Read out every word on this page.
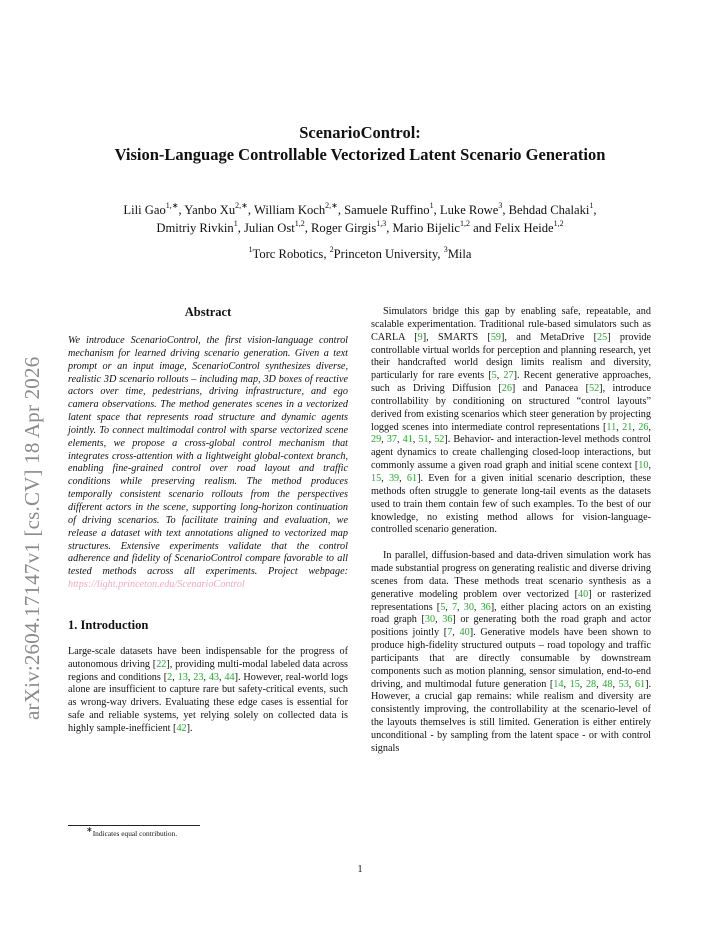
arXiv:2604.17147v1 [cs.CV] 18 Apr 2026
ScenarioControl:
Vision-Language Controllable Vectorized Latent Scenario Generation
Lili Gao$^{1,∗}$, Yanbo $Xu^{2,∗}$, William Koch$^{2,∗}$, Samuele Ruffino$^1$, Luke Rowe$^3$, Behdad Chalaki$^1$,
Dmitriy Rivkin$^1$, Julian Ost$^{1,2}$, Roger Girgis$^{1,3}$, Mario Bijelic$^{1,2}$ and Felix Heide$^{1,2}$
$^1$Torc Robotics, $^2$Princeton University, $^3$Mila
Abstract

We introduce ScenarioControl, the first vision-language control mechanism for learned driving scenario generation. Given a text prompt or an input image, ScenarioControl synthesizes diverse, realistic 3D scenario rollouts – including map, 3D boxes of reactive actors over time, pedestrians, driving infrastructure, and ego camera observations. The method generates scenes in a vectorized latent space that represents road structure and dynamic agents jointly. To connect multimodal control with sparse vectorized scene elements, we propose a cross-global control mechanism that integrates cross-attention with a lightweight global-context branch, enabling fine-grained control over road layout and traffic conditions while preserving realism. The method produces temporally consistent scenario rollouts from the perspectives different actors in the scene, supporting long-horizon continuation of driving scenarios. To facilitate training and evaluation, we release a dataset with text annotations aligned to vectorized map structures. Extensive experiments validate that the control adherence and fidelity of ScenarioControl compare favorable to all tested methods across all experiments. Project webpage: https://light.princeton.edu/ScenarioControl

1. Introduction

Large-scale datasets have been indispensable for the progress of autonomous driving [22], providing multi-modal labeled data across regions and conditions [2, 13, 23, 43, 44]. However, real-world logs alone are insufficient to capture rare but safety-critical events, such as wrong-way drivers. Evaluating these edge cases is essential for safe and reliable systems, yet relying solely on collected data is highly sample-inefficient [42].

Simulators bridge this gap by enabling safe, repeatable, and scalable experimentation. Traditional rule-based simulators such as CARLA [9], SMARTS [59], and MetaDrive [25] provide controllable virtual worlds for perception and planning research, yet their handcrafted world design limits realism and diversity, particularly for rare events [5, 27]. Recent generative approaches, such as Driving Diffusion [26] and Panacea [52], introduce controllability by conditioning on structured “control layouts” derived from existing scenarios which steer generation by projecting logged scenes into intermediate control representations [11, 21, 26, 29, 37, 41, 51, 52]. Behavior- and interaction-level methods control agent dynamics to create challenging closed-loop interactions, but commonly assume a given road graph and initial scene context [10, 15, 39, 61]. Even for a given initial scenario description, these methods often struggle to generate long-tail events as the datasets used to train them contain few of such examples. To the best of our knowledge, no existing method allows for vision-language-controlled scenario generation.

In parallel, diffusion-based and data-driven simulation work has made substantial progress on generating realistic and diverse driving scenes from data. These methods treat scenario synthesis as a generative modeling problem over vectorized [40] or rasterized representations [5, 7, 30, 36], either placing actors on an existing road graph [30, 36] or generating both the road graph and actor positions jointly [7, 40]. Generative models have been shown to produce high-fidelity structured outputs – road topology and traffic participants that are directly consumable by downstream components such as motion planning, sensor simulation, end-to-end driving, and multimodal future generation [14, 15, 28, 48, 53, 61]. However, a crucial gap remains: while realism and diversity are consistently improving, the controllability at the scenario-level of the layouts themselves is still limited. Generation is either entirely unconditional - by sampling from the latent space - or with control signals

∗Indicates equal contribution.
1
